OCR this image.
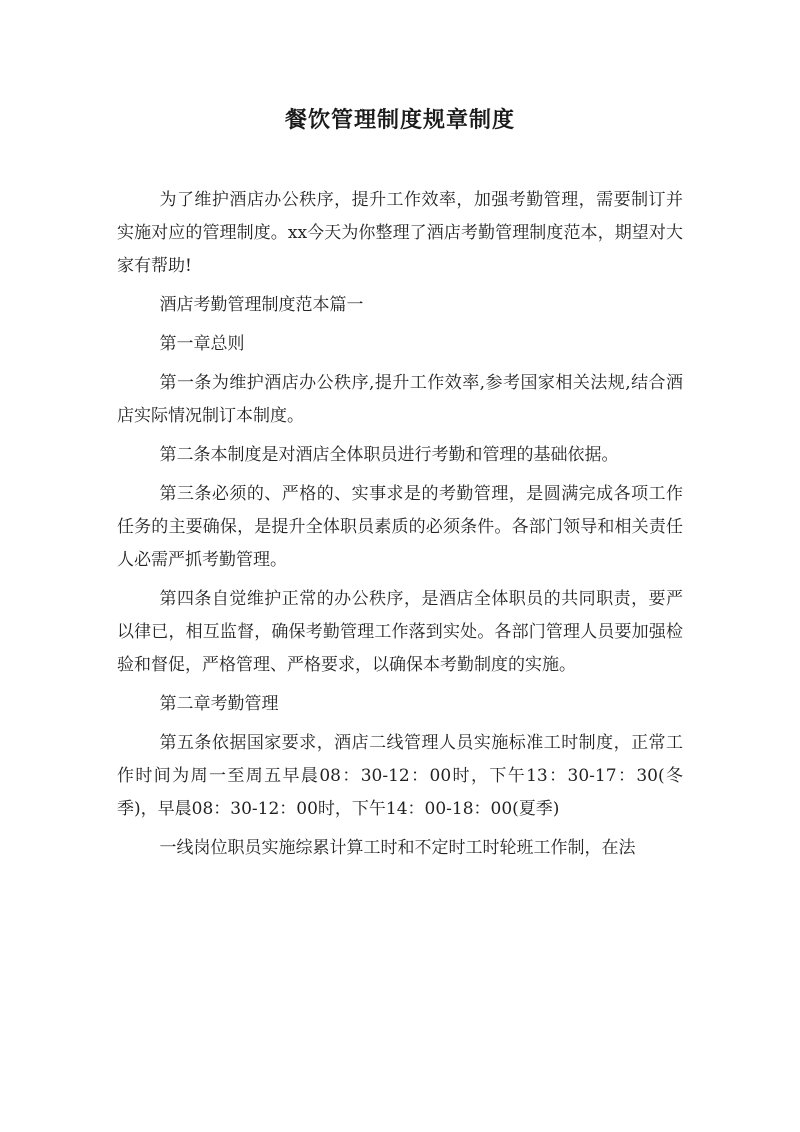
餐饮管理制度规章制度

为了维护酒店办公秩序，提升工作效率，加强考勤管理，需要制订并实施对应的管理制度。xx今天为你整理了酒店考勤管理制度范本，期望对大家有帮助!

酒店考勤管理制度范本篇一

第一章总则

第一条为维护酒店办公秩序,提升工作效率,参考国家相关法规,结合酒店实际情况制订本制度。

第二条本制度是对酒店全体职员进行考勤和管理的基础依据。

第三条必须的、严格的、实事求是的考勤管理，是圆满完成各项工作任务的主要确保，是提升全体职员素质的必须条件。各部门领导和相关责任人必需严抓考勤管理。

第四条自觉维护正常的办公秩序，是酒店全体职员的共同职责，要严以律已，相互监督，确保考勤管理工作落到实处。各部门管理人员要加强检验和督促，严格管理、严格要求，以确保本考勤制度的实施。

第二章考勤管理

第五条依据国家要求，酒店二线管理人员实施标准工时制度，正常工作时间为周一至周五早晨08：30-12：00时，下午13：30-17：30(冬季)，早晨08：30-12：00时，下午14：00-18：00(夏季)

一线岗位职员实施综累计算工时和不定时工时轮班工作制，在法
